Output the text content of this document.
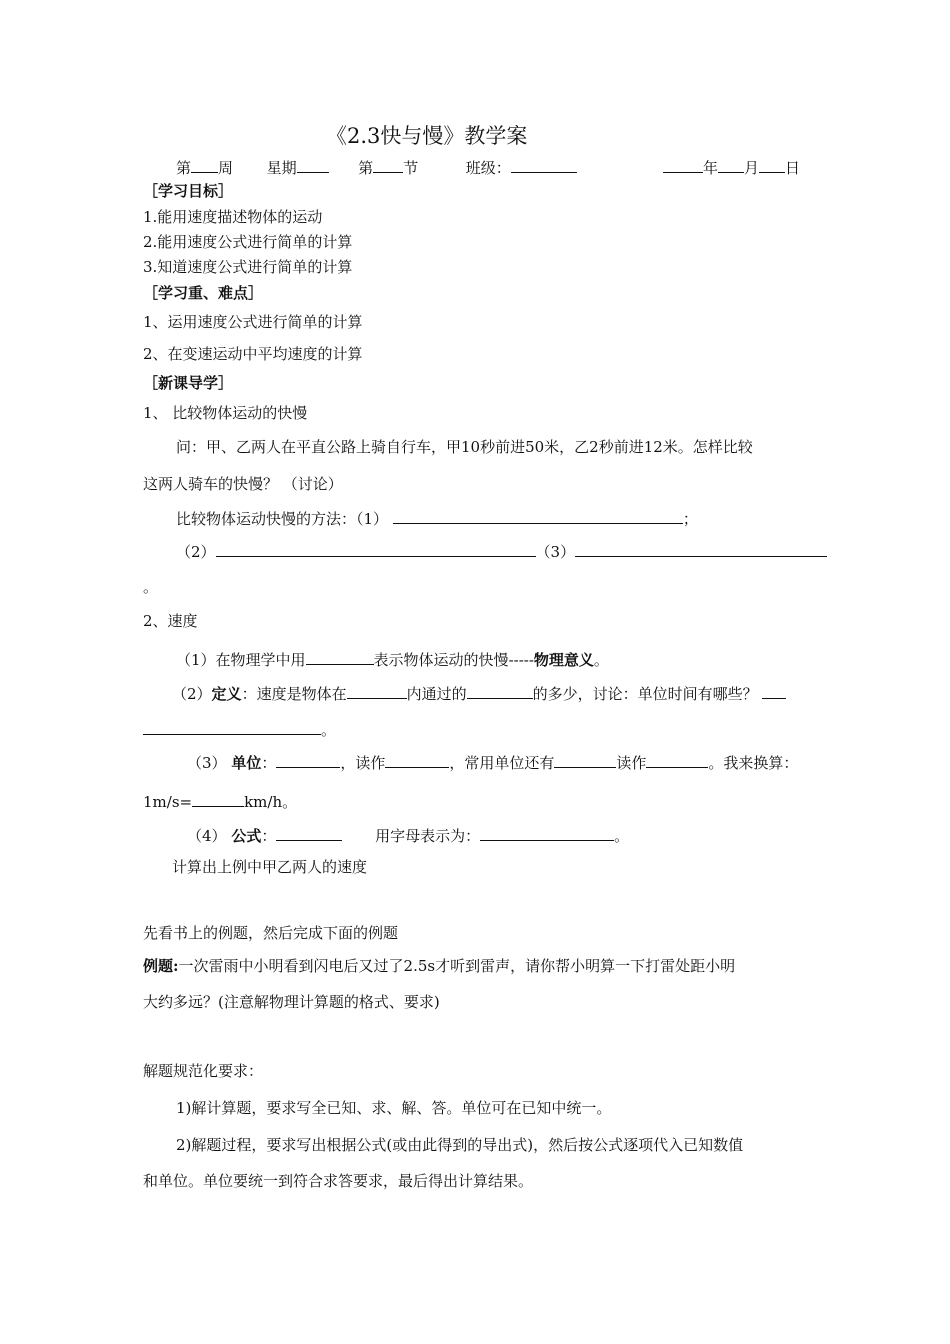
《2.3快与慢》教学案
第 周 星期	第 节	班级：	年 月 日
［学习目标］
1.能用速度描述物体的运动
2.能用速度公式进行简单的计算
3.知道速度公式进行简单的计算
［学习重、难点］
1、运用速度公式进行简单的计算
2、在变速运动中平均速度的计算
［新课导学］
1、 比较物体运动的快慢
问：甲、乙两人在平直公路上骑自行车，甲10秒前进50米，乙2秒前进12米。怎样比较
这两人骑车的快慢？ （讨论）
比较物体运动快慢的方法：（1）	；
（2）	（3）
。
2、速度
（1）在物理学中用	表示物体运动的快慢-----物理意义。
（2）定义：速度是物体在	内通过的	的多少，讨论：单位时间有哪些？
。
（3） 单位：	，读作	，常用单位还有	读作	。我来换算：
1m/s=	km/h。
（4） 公式：	用字母表示为：	。
计算出上例中甲乙两人的速度
先看书上的例题，然后完成下面的例题
例题:一次雷雨中小明看到闪电后又过了2.5s才听到雷声，请你帮小明算一下打雷处距小明
大约多远？(注意解物理计算题的格式、要求)
解题规范化要求：
1)解计算题，要求写全已知、求、解、答。单位可在已知中统一。
2)解题过程，要求写出根据公式(或由此得到的导出式)，然后按公式逐项代入已知数值
和单位。单位要统一到符合求答要求，最后得出计算结果。
